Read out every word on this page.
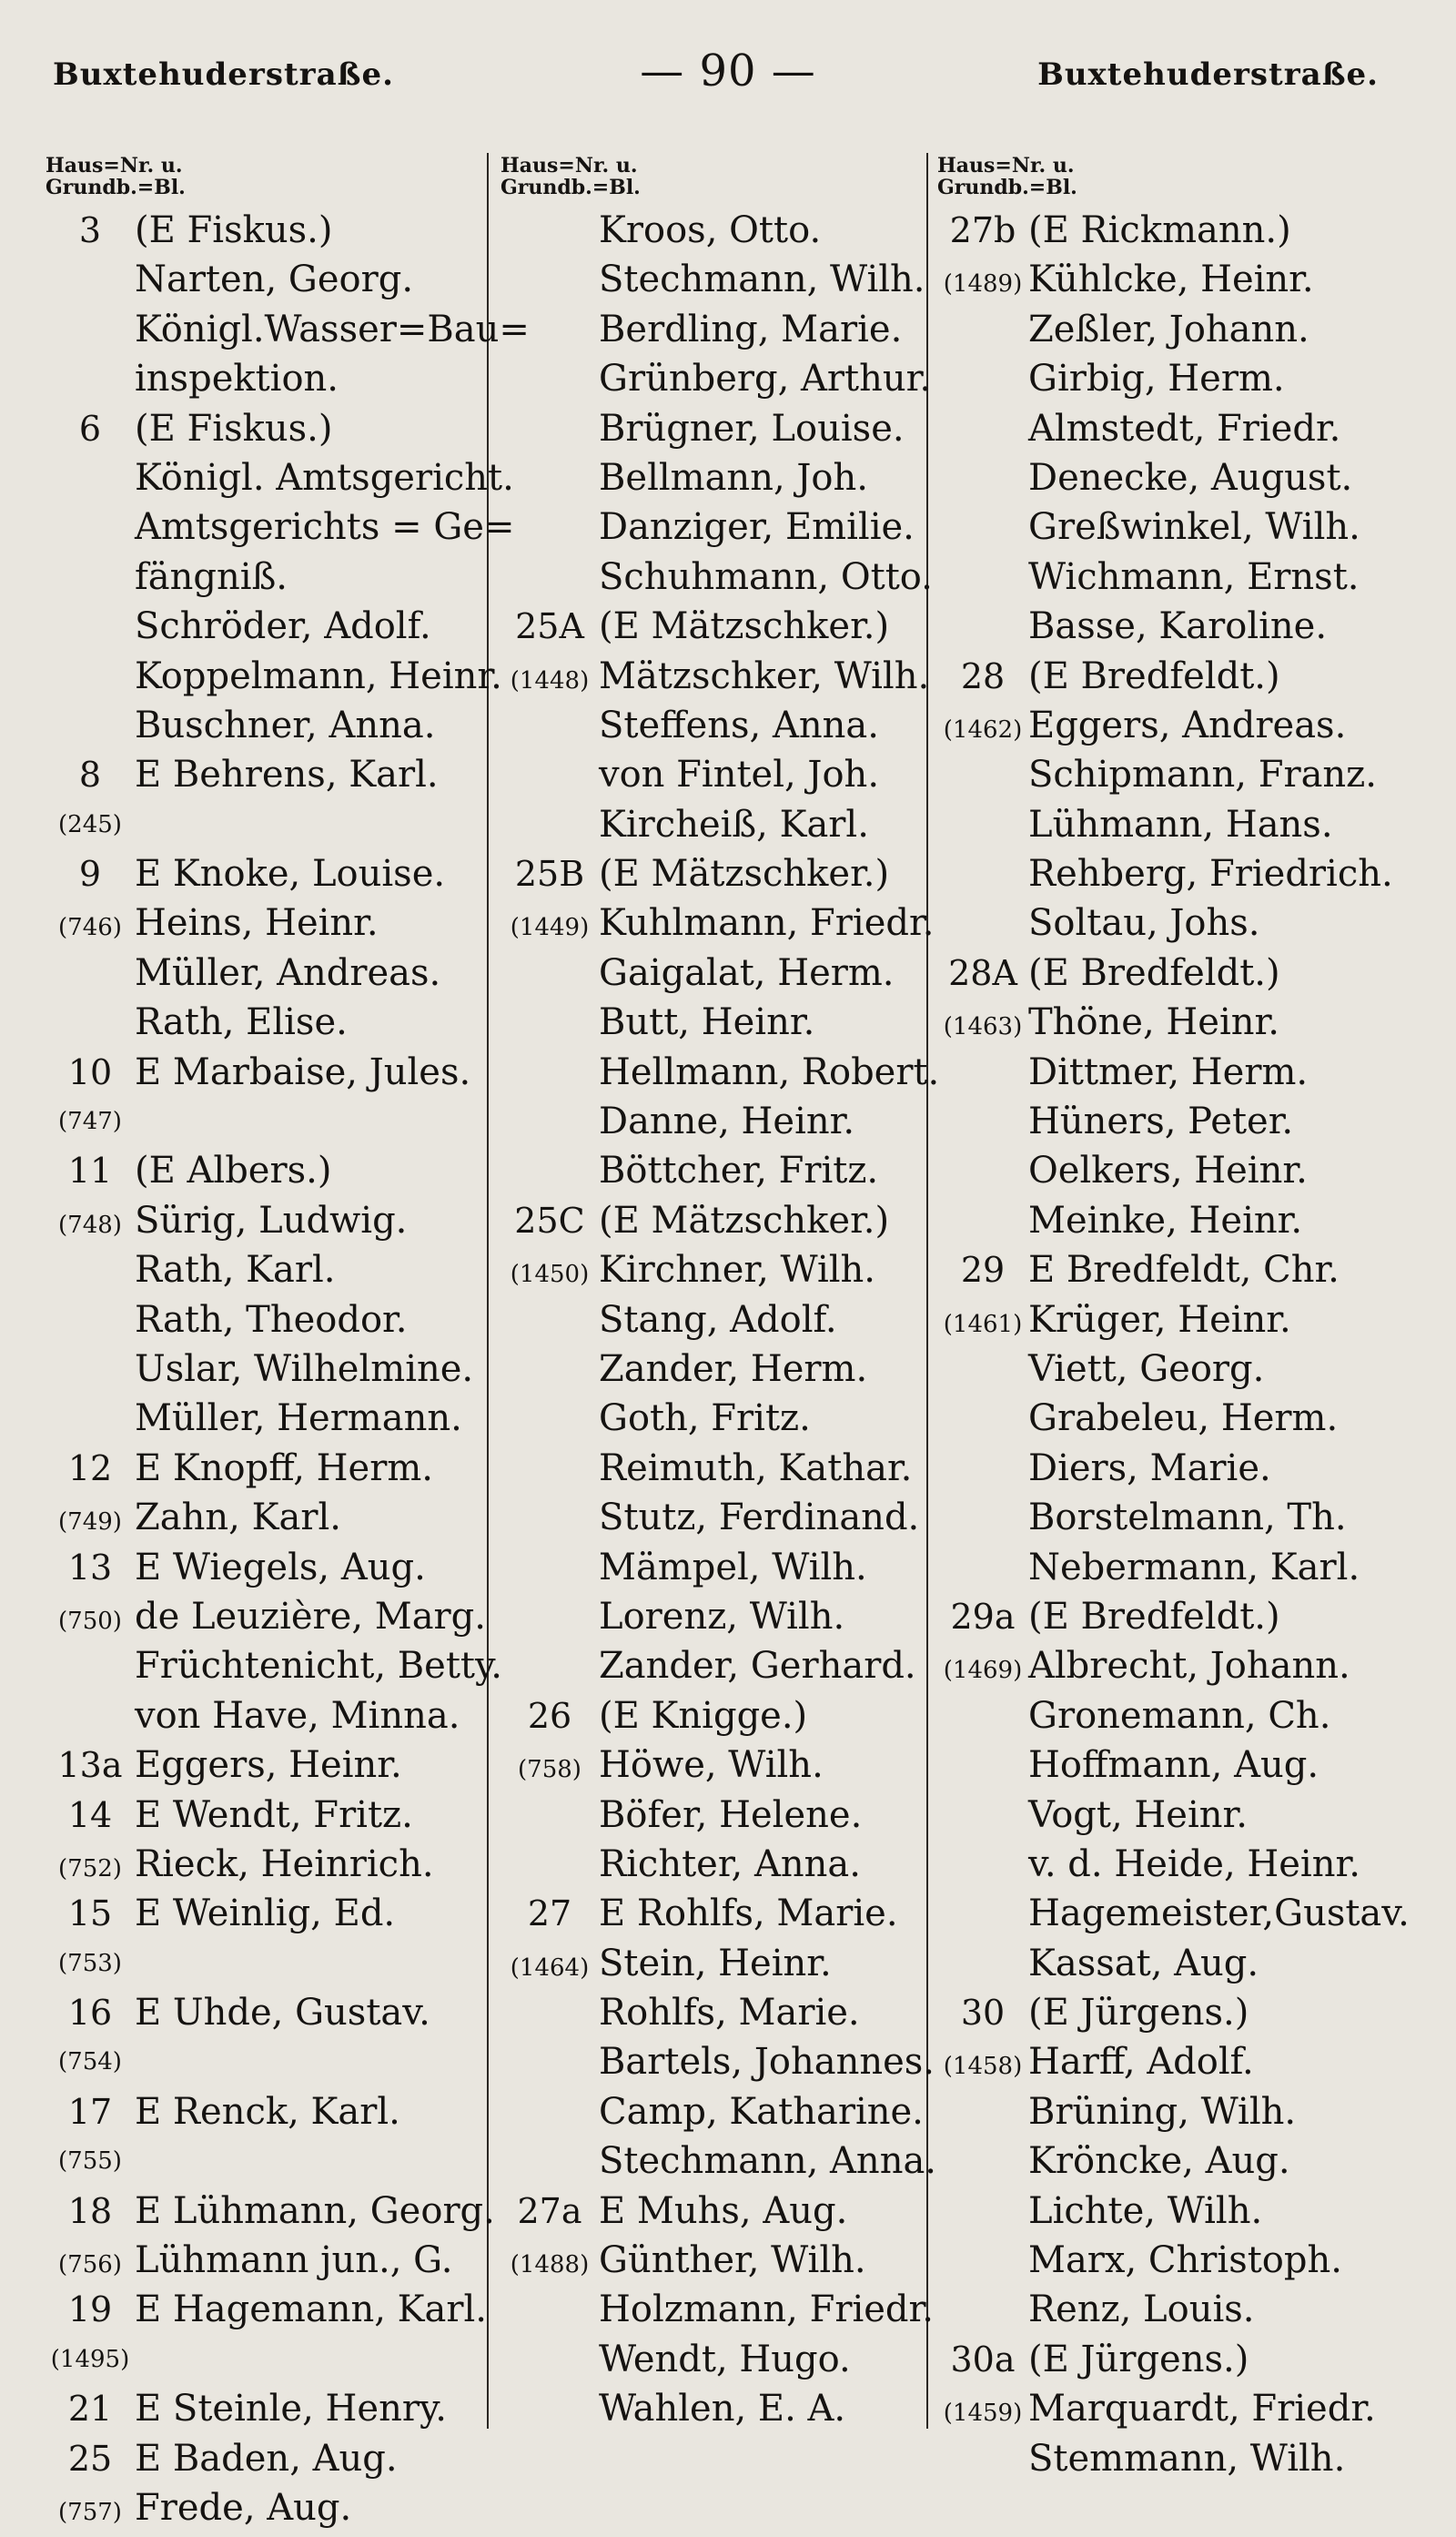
Buxtehuderstraße.	— 90 —	Buxtehuderstraße.
Haus=Nr. u.
Grundb.=Bl.
3 (E Fiskus.)
Narten, Georg.
Königl.Wasser=Bau=
inspektion.
6 (E Fiskus.)
Königl. Amtsgericht.
Amtsgerichts = Ge=
fängniß.
Schröder, Adolf.
Koppelmann, Heinr.
Buschner, Anna.
8 E Behrens, Karl.
(245)
9 E Knoke, Louise.
(746) Heins, Heinr.
Müller, Andreas.
Rath, Elise.
10 E Marbaise, Jules.
(747)
11 (E Albers.)
(748) Sürig, Ludwig.
Rath, Karl.
Rath, Theodor.
Uslar, Wilhelmine.
Müller, Hermann.
12 E Knopff, Herm.
(749) Zahn, Karl.
13 E Wiegels, Aug.
(750) de Leuzière, Marg.
Früchtenicht, Betty.
von Have, Minna.
13a Eggers, Heinr.
14 E Wendt, Fritz.
(752) Rieck, Heinrich.
15 E Weinlig, Ed.
(753)
16 E Uhde, Gustav.
(754)
17 E Renck, Karl.
(755)
18 E Lühmann, Georg.
(756) Lühmann jun., G.
19 E Hagemann, Karl.
(1495)
21 E Steinle, Henry.
25 E Baden, Aug.
(757) Frede, Aug.
Haus=Nr. u.
Grundb.=Bl.
Kroos, Otto.
Stechmann, Wilh.
Berdling, Marie.
Grünberg, Arthur.
Brügner, Louise.
Bellmann, Joh.
Danziger, Emilie.
Schuhmann, Otto.
25A (E Mätzschker.)
(1448) Mätzschker, Wilh.
Steffens, Anna.
von Fintel, Joh.
Kircheiß, Karl.
25B (E Mätzschker.)
(1449) Kuhlmann, Friedr.
Gaigalat, Herm.
Butt, Heinr.
Hellmann, Robert.
Danne, Heinr.
Böttcher, Fritz.
25C (E Mätzschker.)
(1450) Kirchner, Wilh.
Stang, Adolf.
Zander, Herm.
Goth, Fritz.
Reimuth, Kathar.
Stutz, Ferdinand.
Mämpel, Wilh.
Lorenz, Wilh.
Zander, Gerhard.
26 (E Knigge.)
(758) Höwe, Wilh.
Böfer, Helene.
Richter, Anna.
27 E Rohlfs, Marie.
(1464) Stein, Heinr.
Rohlfs, Marie.
Bartels, Johannes.
Camp, Katharine.
Stechmann, Anna.
27a E Muhs, Aug.
(1488) Günther, Wilh.
Holzmann, Friedr.
Wendt, Hugo.
Wahlen, E. A.
Haus=Nr. u.
Grundb.=Bl.
27b (E Rickmann.)
(1489) Kühlcke, Heinr.
Zeßler, Johann.
Girbig, Herm.
Almstedt, Friedr.
Denecke, August.
Greßwinkel, Wilh.
Wichmann, Ernst.
Basse, Karoline.
28 (E Bredfeldt.)
(1462) Eggers, Andreas.
Schipmann, Franz.
Lühmann, Hans.
Rehberg, Friedrich.
Soltau, Johs.
28A (E Bredfeldt.)
(1463) Thöne, Heinr.
Dittmer, Herm.
Hüners, Peter.
Oelkers, Heinr.
Meinke, Heinr.
29 E Bredfeldt, Chr.
(1461) Krüger, Heinr.
Viett, Georg.
Grabeleu, Herm.
Diers, Marie.
Borstelmann, Th.
Nebermann, Karl.
29a (E Bredfeldt.)
(1469) Albrecht, Johann.
Gronemann, Ch.
Hoffmann, Aug.
Vogt, Heinr.
v. d. Heide, Heinr.
Hagemeister,Gustav.
Kassat, Aug.
30 (E Jürgens.)
(1458) Harff, Adolf.
Brüning, Wilh.
Kröncke, Aug.
Lichte, Wilh.
Marx, Christoph.
Renz, Louis.
30a (E Jürgens.)
(1459) Marquardt, Friedr.
Stemmann, Wilh.
